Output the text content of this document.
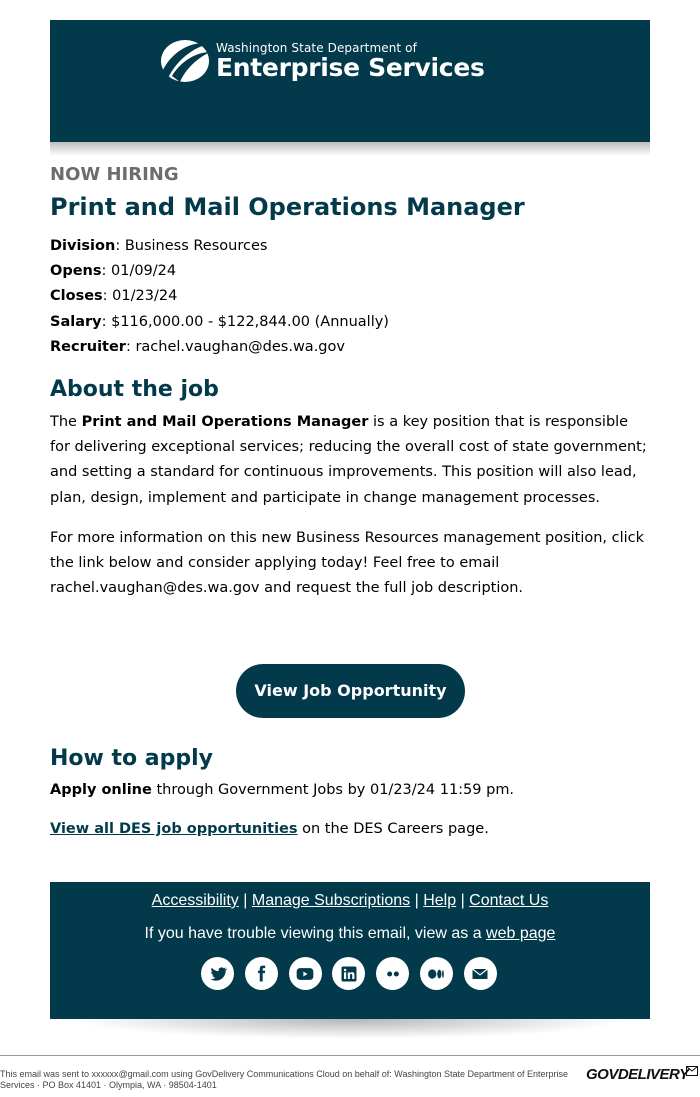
Washington State Department of
Enterprise Services

NOW HIRING

Print and Mail Operations Manager
Division: Business Resources
Opens: 01/09/24
Closes: 01/23/24
Salary: $116,000.00 - $122,844.00 (Annually)
Recruiter: rachel.vaughan@des.wa.gov
About the job

The Print and Mail Operations Manager is a key position that is responsible for delivering exceptional services; reducing the overall cost of state government; and setting a standard for continuous improvements. This position will also lead, plan, design, implement and participate in change management processes.

For more information on this new Business Resources management position, click the link below and consider applying today! Feel free to email rachel.vaughan@des.wa.gov and request the full job description.

View Job Opportunity
How to apply

Apply online through Government Jobs by 01/23/24 11:59 pm.

View all DES job opportunities on the DES Careers page.

Accessibility | Manage Subscriptions | Help | Contact Us
If you have trouble viewing this email, view as a web page
This email was sent to xxxxxx@gmail.com using GovDelivery Communications Cloud on behalf of: Washington State Department of Enterprise Services · PO Box 41401 · Olympia, WA · 98504-1401
GOVDELIVERY
